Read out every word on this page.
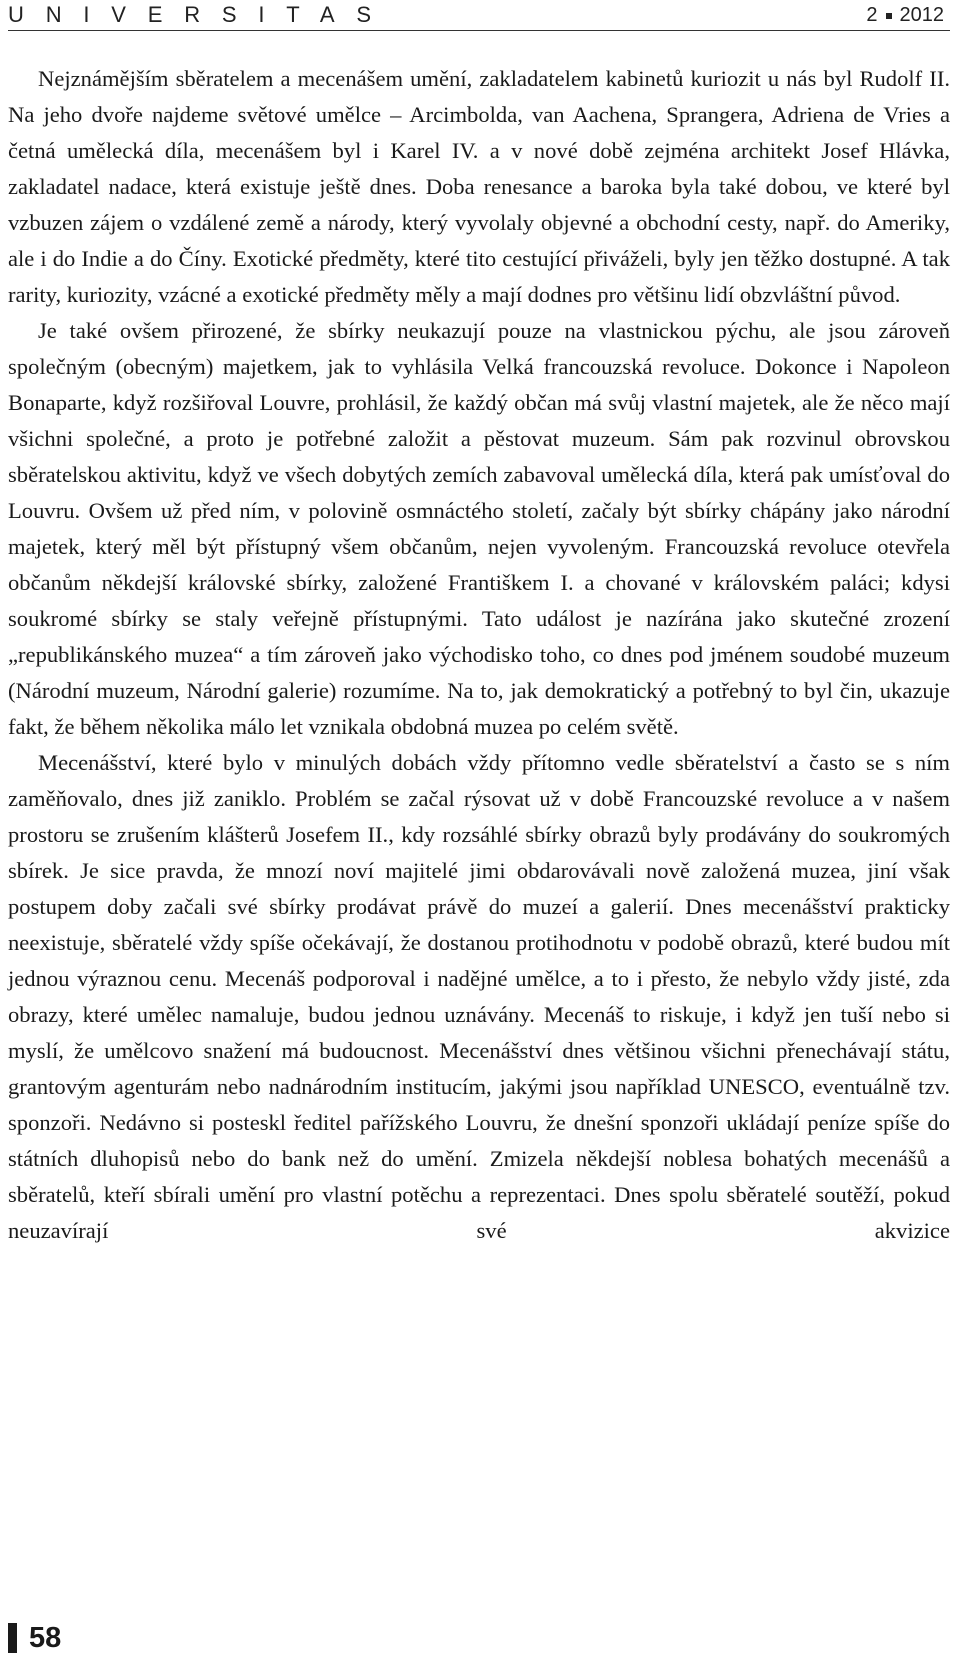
UNIVERSITAS	2 2012

Nejznámějším sběratelem a mecenášem umění, zakladatelem kabinetů kuriozit u nás byl Rudolf II. Na jeho dvoře najdeme světové umělce – Arcimbolda, van Aachena, Sprangera, Adriena de Vries a četná umělecká díla, mecenášem byl i Karel IV. a v nové době zejména architekt Josef Hlávka, zakladatel nadace, která existuje ještě dnes. Doba renesance a baroka byla také dobou, ve které byl vzbuzen zájem o vzdálené země a národy, který vyvolaly objevné a obchodní cesty, např. do Ameriky, ale i do Indie a do Číny. Exotické předměty, které tito cestující přiváželi, byly jen těžko dostupné. A tak rarity, kuriozity, vzácné a exotické předměty měly a mají dodnes pro většinu lidí obzvláštní původ.

Je také ovšem přirozené, že sbírky neukazují pouze na vlastnickou pýchu, ale jsou zároveň společným (obecným) majetkem, jak to vyhlásila Velká francouzská revoluce. Dokonce i Napoleon Bonaparte, když rozšiřoval Louvre, prohlásil, že každý občan má svůj vlastní majetek, ale že něco mají všichni společné, a proto je potřebné založit a pěstovat muzeum. Sám pak rozvinul obrovskou sběratelskou aktivitu, když ve všech dobytých zemích zabavoval umělecká díla, která pak umísťoval do Louvru. Ovšem už před ním, v polovině osmnáctého století, začaly být sbírky chápány jako národní majetek, který měl být přístupný všem občanům, nejen vyvoleným. Francouzská revoluce otevřela občanům někdejší královské sbírky, založené Františkem I. a chované v královském paláci; kdysi soukromé sbírky se staly veřejně přístupnými. Tato událost je nazírána jako skutečné zrození „republikánského muzea“ a tím zároveň jako východisko toho, co dnes pod jménem soudobé muzeum (Národní muzeum, Národní galerie) rozumíme. Na to, jak demokratický a potřebný to byl čin, ukazuje fakt, že během několika málo let vznikala obdobná muzea po celém světě.

Mecenášství, které bylo v minulých dobách vždy přítomno vedle sběratelství a často se s ním zaměňovalo, dnes již zaniklo. Problém se začal rýsovat už v době Francouzské revoluce a v našem prostoru se zrušením klášterů Josefem II., kdy rozsáhlé sbírky obrazů byly prodávány do soukromých sbírek. Je sice pravda, že mnozí noví majitelé jimi obdarovávali nově založená muzea, jiní však postupem doby začali své sbírky prodávat právě do muzeí a galerií. Dnes mecenášství prakticky neexistuje, sběratelé vždy spíše očekávají, že dostanou protihodnotu v podobě obrazů, které budou mít jednou výraznou cenu. Mecenáš podporoval i nadějné umělce, a to i přesto, že nebylo vždy jisté, zda obrazy, které umělec namaluje, budou jednou uznávány. Mecenáš to riskuje, i když jen tuší nebo si myslí, že umělcovo snažení má budoucnost. Mecenášství dnes většinou všichni přenechávají státu, grantovým agenturám nebo nadnárodním institucím, jakými jsou například UNESCO, eventuálně tzv. sponzoři. Nedávno si posteskl ředitel pařížského Louvru, že dnešní sponzoři ukládají peníze spíše do státních dluhopisů nebo do bank než do umění. Zmizela někdejší noblesa bohatých mecenášů a sběratelů, kteří sbírali umění pro vlastní potěchu a reprezentaci. Dnes spolu sběratelé soutěží, pokud neuzavírají své akvizice

58
